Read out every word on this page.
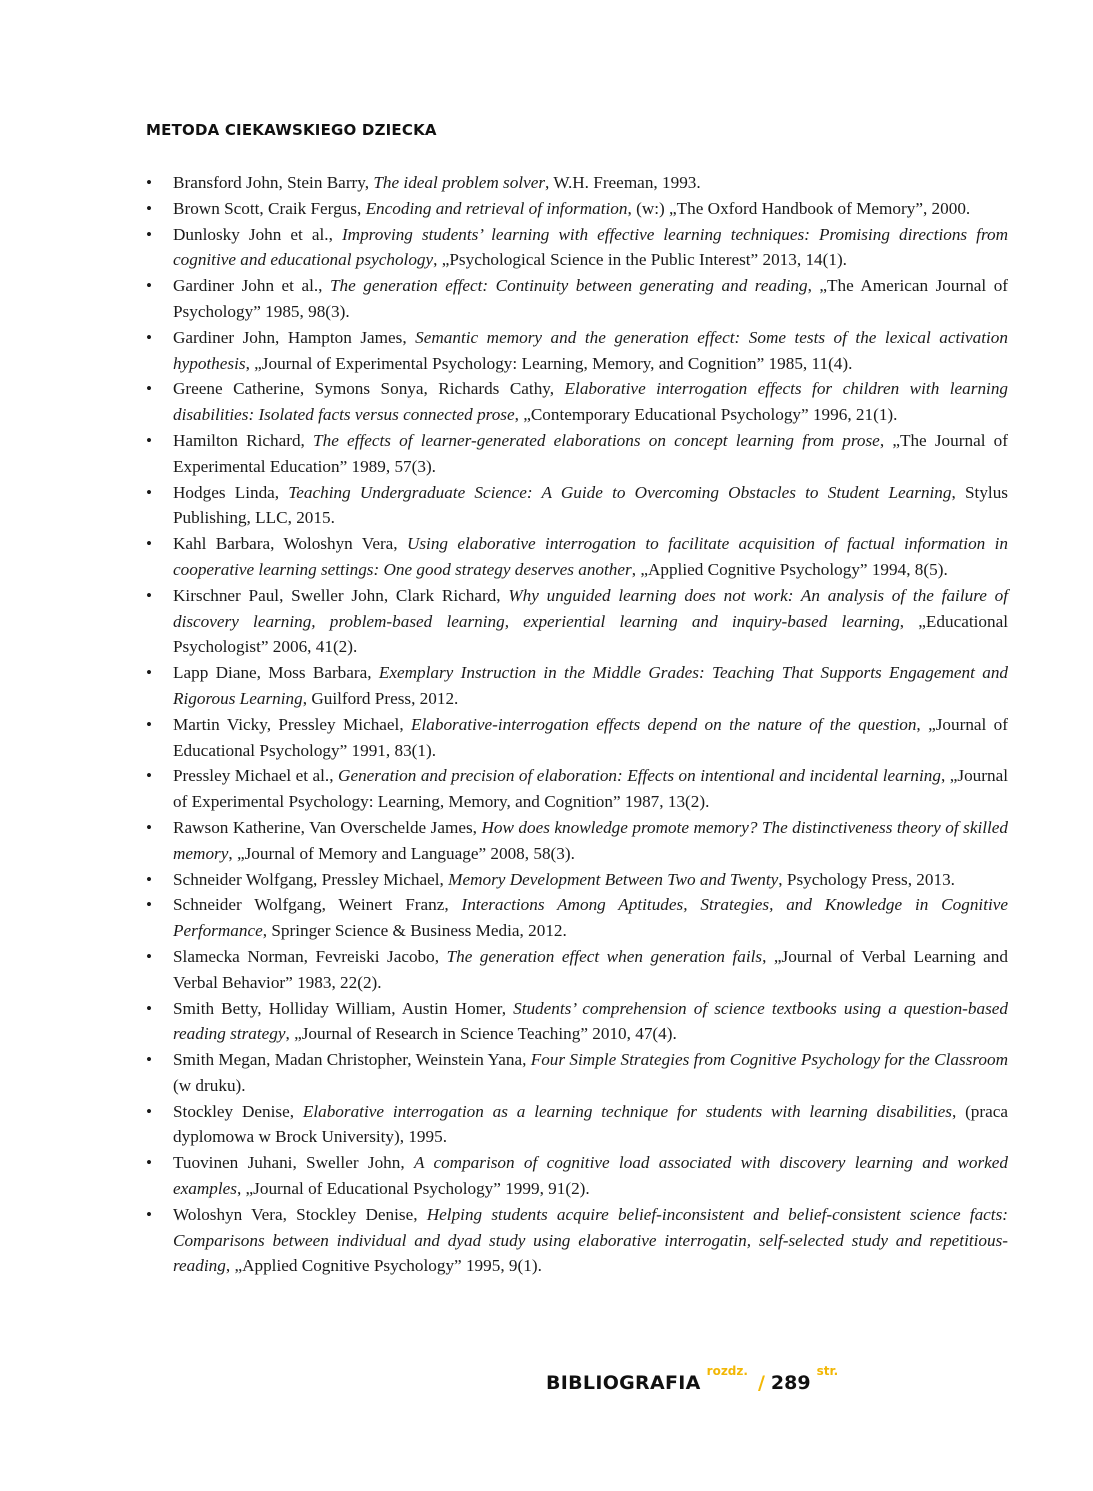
METODA CIEKAWSKIEGO DZIECKA
• Bransford John, Stein Barry, The ideal problem solver, W.H. Freeman, 1993.
• Brown Scott, Craik Fergus, Encoding and retrieval of information, (w:) „The Oxford Handbook of Memory”, 2000.
• Dunlosky John et al., Improving students’ learning with effective learning techniques: Promising directions from cognitive and educational psychology, „Psychological Science in the Public Interest” 2013, 14(1).
• Gardiner John et al., The generation effect: Continuity between generating and reading, „The American Journal of Psychology” 1985, 98(3).
• Gardiner John, Hampton James, Semantic memory and the generation effect: Some tests of the lexical activation hypothesis, „Journal of Experimental Psychology: Learning, Memory, and Cognition” 1985, 11(4).
• Greene Catherine, Symons Sonya, Richards Cathy, Elaborative interrogation effects for children with learning disabilities: Isolated facts versus connected prose, „Contemporary Educational Psychology” 1996, 21(1).
• Hamilton Richard, The effects of learner-generated elaborations on concept learning from prose, „The Journal of Experimental Education” 1989, 57(3).
• Hodges Linda, Teaching Undergraduate Science: A Guide to Overcoming Obstacles to Student Learning, Stylus Publishing, LLC, 2015.
• Kahl Barbara, Woloshyn Vera, Using elaborative interrogation to facilitate acquisition of factual information in cooperative learning settings: One good strategy deserves another, „Applied Cognitive Psychology” 1994, 8(5).
• Kirschner Paul, Sweller John, Clark Richard, Why unguided learning does not work: An analysis of the failure of discovery learning, problem-based learning, experiential learning and inquiry-based learning, „Educational Psychologist” 2006, 41(2).
• Lapp Diane, Moss Barbara, Exemplary Instruction in the Middle Grades: Teaching That Supports Engagement and Rigorous Learning, Guilford Press, 2012.
• Martin Vicky, Pressley Michael, Elaborative-interrogation effects depend on the nature of the question, „Journal of Educational Psychology” 1991, 83(1).
• Pressley Michael et al., Generation and precision of elaboration: Effects on intentional and incidental learning, „Journal of Experimental Psychology: Learning, Memory, and Cognition” 1987, 13(2).
• Rawson Katherine, Van Overschelde James, How does knowledge promote memory? The distinctiveness theory of skilled memory, „Journal of Memory and Language” 2008, 58(3).
• Schneider Wolfgang, Pressley Michael, Memory Development Between Two and Twenty, Psychology Press, 2013.
• Schneider Wolfgang, Weinert Franz, Interactions Among Aptitudes, Strategies, and Knowledge in Cognitive Performance, Springer Science & Business Media, 2012.
• Slamecka Norman, Fevreiski Jacobo, The generation effect when generation fails, „Journal of Verbal Learning and Verbal Behavior” 1983, 22(2).
• Smith Betty, Holliday William, Austin Homer, Students’ comprehension of science textbooks using a question-based reading strategy, „Journal of Research in Science Teaching” 2010, 47(4).
• Smith Megan, Madan Christopher, Weinstein Yana, Four Simple Strategies from Cognitive Psychology for the Classroom (w druku).
• Stockley Denise, Elaborative interrogation as a learning technique for students with learning disabilities, (praca dyplomowa w Brock University), 1995.
• Tuovinen Juhani, Sweller John, A comparison of cognitive load associated with discovery learning and worked examples, „Journal of Educational Psychology” 1999, 91(2).
• Woloshyn Vera, Stockley Denise, Helping students acquire belief-inconsistent and belief-consistent science facts: Comparisons between individual and dyad study using elaborative interrogatin, self-selected study and repetitious-reading, „Applied Cognitive Psychology” 1995, 9(1).
$BIBLIOGRAFIA^{rozdz.}/$ $289^{str.}$
